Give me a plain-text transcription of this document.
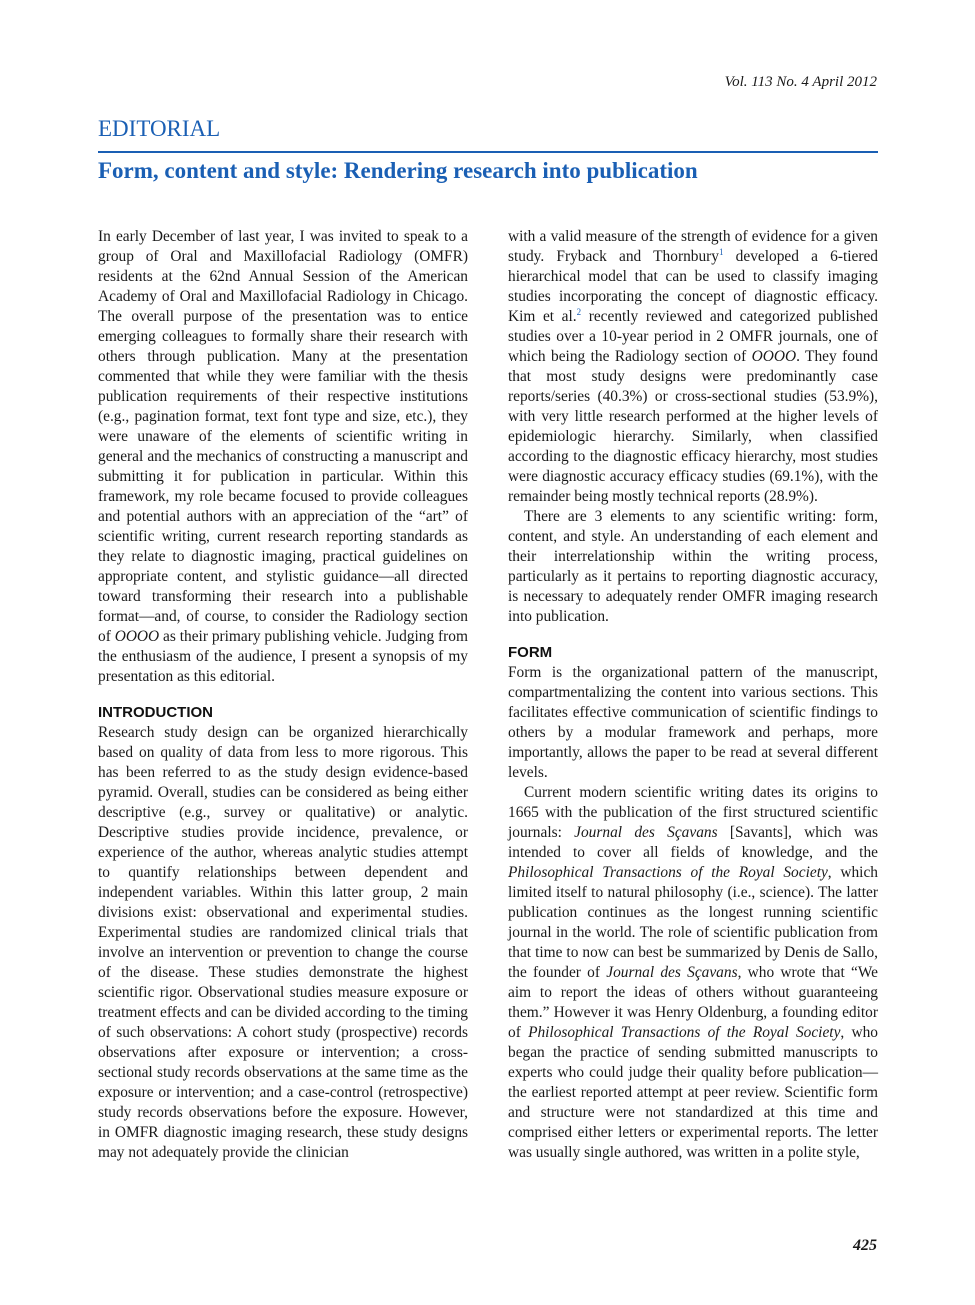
Vol. 113 No. 4 April 2012
EDITORIAL
Form, content and style: Rendering research into publication

In early December of last year, I was invited to speak to a group of Oral and Maxillofacial Radiology (OMFR) residents at the 62nd Annual Session of the American Academy of Oral and Maxillofacial Radiology in Chicago. The overall purpose of the presentation was to entice emerging colleagues to formally share their research with others through publication. Many at the presentation commented that while they were familiar with the thesis publication requirements of their respective institutions (e.g., pagination format, text font type and size, etc.), they were unaware of the elements of scientific writing in general and the mechanics of constructing a manuscript and submitting it for publication in particular. Within this framework, my role became focused to provide colleagues and potential authors with an appreciation of the “art” of scientific writing, current research reporting standards as they relate to diagnostic imaging, practical guidelines on appropriate content, and stylistic guidance—all directed toward transforming their research into a publishable format—and, of course, to consider the Radiology section of OOOO as their primary publishing vehicle. Judging from the enthusiasm of the audience, I present a synopsis of my presentation as this editorial.

INTRODUCTION

Research study design can be organized hierarchically based on quality of data from less to more rigorous. This has been referred to as the study design evidence-based pyramid. Overall, studies can be considered as being either descriptive (e.g., survey or qualitative) or analytic. Descriptive studies provide incidence, prevalence, or experience of the author, whereas analytic studies attempt to quantify relationships between dependent and independent variables. Within this latter group, 2 main divisions exist: observational and experimental studies. Experimental studies are randomized clinical trials that involve an intervention or prevention to change the course of the disease. These studies demonstrate the highest scientific rigor. Observational studies measure exposure or treatment effects and can be divided according to the timing of such observations: A cohort study (prospective) records observations after exposure or intervention; a cross-sectional study records observations at the same time as the exposure or intervention; and a case-control (retrospective) study records observations before the exposure. However, in OMFR diagnostic imaging research, these study designs may not adequately provide the clinician

with a valid measure of the strength of evidence for a given study. Fryback and Thornbury$^1$ developed a 6-tiered hierarchical model that can be used to classify imaging studies incorporating the concept of diagnostic efficacy. Kim et al.$^2$ recently reviewed and categorized published studies over a 10-year period in 2 OMFR journals, one of which being the Radiology section of OOOO. They found that most study designs were predominantly case reports/series (40.3%) or cross-sectional studies (53.9%), with very little research performed at the higher levels of epidemiologic hierarchy. Similarly, when classified according to the diagnostic efficacy hierarchy, most studies were diagnostic accuracy efficacy studies (69.1%), with the remainder being mostly technical reports (28.9%).

There are 3 elements to any scientific writing: form, content, and style. An understanding of each element and their interrelationship within the writing process, particularly as it pertains to reporting diagnostic accuracy, is necessary to adequately render OMFR imaging research into publication.

FORM

Form is the organizational pattern of the manuscript, compartmentalizing the content into various sections. This facilitates effective communication of scientific findings to others by a modular framework and perhaps, more importantly, allows the paper to be read at several different levels.

Current modern scientific writing dates its origins to 1665 with the publication of the first structured scientific journals: Journal des Sçavans [Savants], which was intended to cover all fields of knowledge, and the Philosophical Transactions of the Royal Society, which limited itself to natural philosophy (i.e., science). The latter publication continues as the longest running scientific journal in the world. The role of scientific publication from that time to now can best be summarized by Denis de Sallo, the founder of Journal des Sçavans, who wrote that “We aim to report the ideas of others without guaranteeing them.” However it was Henry Oldenburg, a founding editor of Philosophical Transactions of the Royal Society, who began the practice of sending submitted manuscripts to experts who could judge their quality before publication—the earliest reported attempt at peer review. Scientific form and structure were not standardized at this time and comprised either letters or experimental reports. The letter was usually single authored, was written in a polite style,

425
